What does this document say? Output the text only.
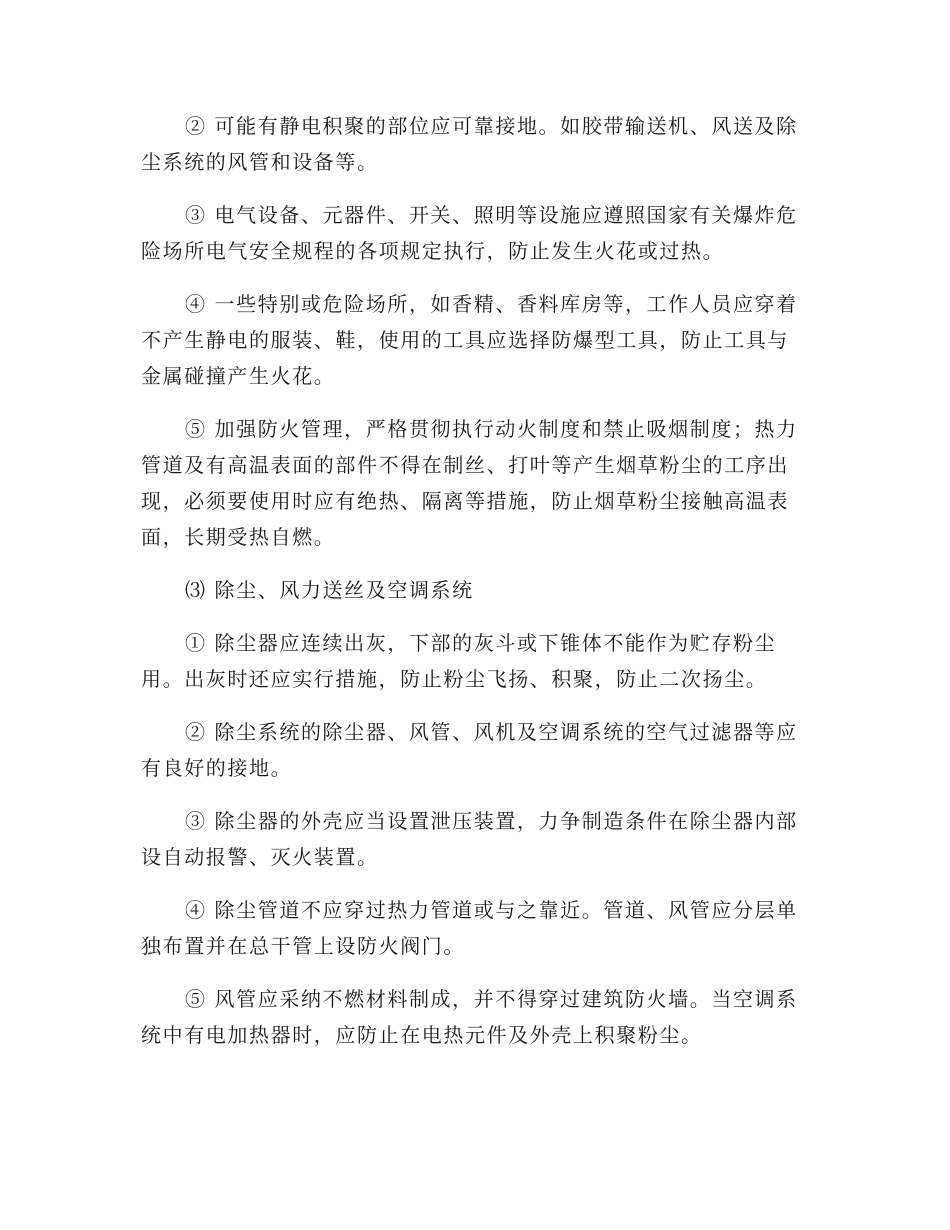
② 可能有静电积聚的部位应可靠接地。如胶带输送机、风送及除
尘系统的风管和设备等。

③ 电气设备、元器件、开关、照明等设施应遵照国家有关爆炸危
险场所电气安全规程的各项规定执行，防止发生火花或过热。

④ 一些特别或危险场所，如香精、香料库房等，工作人员应穿着
不产生静电的服装、鞋，使用的工具应选择防爆型工具，防止工具与
金属碰撞产生火花。

⑤ 加强防火管理，严格贯彻执行动火制度和禁止吸烟制度；热力
管道及有高温表面的部件不得在制丝、打叶等产生烟草粉尘的工序出
现，必须要使用时应有绝热、隔离等措施，防止烟草粉尘接触高温表
面，长期受热自燃。

⑶ 除尘、风力送丝及空调系统

① 除尘器应连续出灰，下部的灰斗或下锥体不能作为贮存粉尘
用。出灰时还应实行措施，防止粉尘飞扬、积聚，防止二次扬尘。

② 除尘系统的除尘器、风管、风机及空调系统的空气过滤器等应
有良好的接地。

③ 除尘器的外壳应当设置泄压装置，力争制造条件在除尘器内部
设自动报警、灭火装置。

④ 除尘管道不应穿过热力管道或与之靠近。管道、风管应分层单
独布置并在总干管上设防火阀门。

⑤ 风管应采纳不燃材料制成，并不得穿过建筑防火墙。当空调系
统中有电加热器时，应防止在电热元件及外壳上积聚粉尘。
